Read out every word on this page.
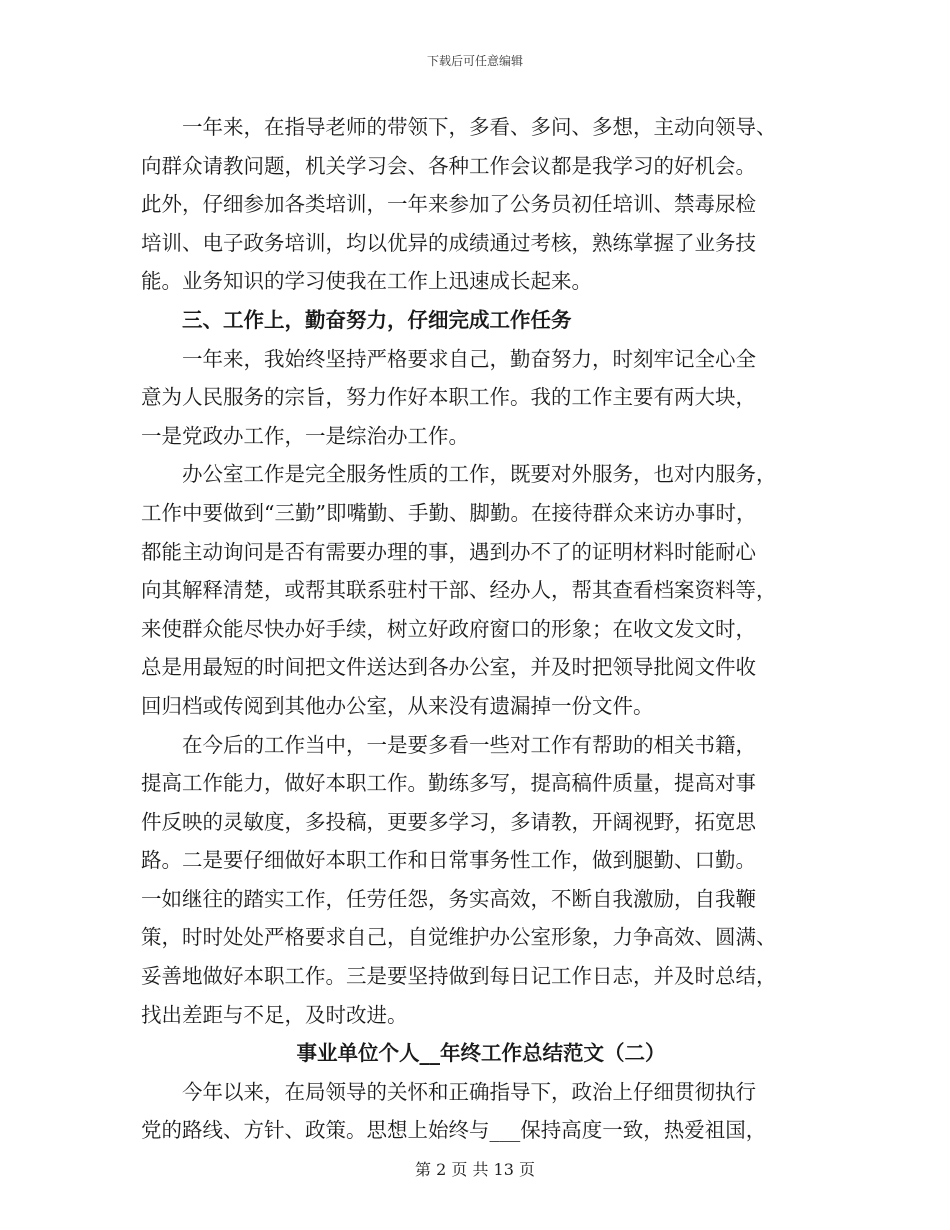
下载后可任意编辑

一年来，在指导老师的带领下，多看、多问、多想，主动向领导、
向群众请教问题，机关学习会、各种工作会议都是我学习的好机会。
此外，仔细参加各类培训，一年来参加了公务员初任培训、禁毒尿检
培训、电子政务培训，均以优异的成绩通过考核，熟练掌握了业务技
能。业务知识的学习使我在工作上迅速成长起来。

三、工作上，勤奋努力，仔细完成工作任务

一年来，我始终坚持严格要求自己，勤奋努力，时刻牢记全心全
意为人民服务的宗旨，努力作好本职工作。我的工作主要有两大块，
一是党政办工作，一是综治办工作。

办公室工作是完全服务性质的工作，既要对外服务，也对内服务，
工作中要做到“三勤”即嘴勤、手勤、脚勤。在接待群众来访办事时，
都能主动询问是否有需要办理的事，遇到办不了的证明材料时能耐心
向其解释清楚，或帮其联系驻村干部、经办人，帮其查看档案资料等，
来使群众能尽快办好手续，树立好政府窗口的形象；在收文发文时，
总是用最短的时间把文件送达到各办公室，并及时把领导批阅文件收
回归档或传阅到其他办公室，从来没有遗漏掉一份文件。

在今后的工作当中，一是要多看一些对工作有帮助的相关书籍，
提高工作能力，做好本职工作。勤练多写，提高稿件质量，提高对事
件反映的灵敏度，多投稿，更要多学习，多请教，开阔视野，拓宽思
路。二是要仔细做好本职工作和日常事务性工作，做到腿勤、口勤。
一如继往的踏实工作，任劳任怨，务实高效，不断自我激励，自我鞭
策，时时处处严格要求自己，自觉维护办公室形象，力争高效、圆满、
妥善地做好本职工作。三是要坚持做到每日记工作日志，并及时总结，
找出差距与不足，及时改进。

事业单位个人__年终工作总结范文（二）

今年以来，在局领导的关怀和正确指导下，政治上仔细贯彻执行
党的路线、方针、政策。思想上始终与___保持高度一致，热爱祖国，

第 2 页 共 13 页
